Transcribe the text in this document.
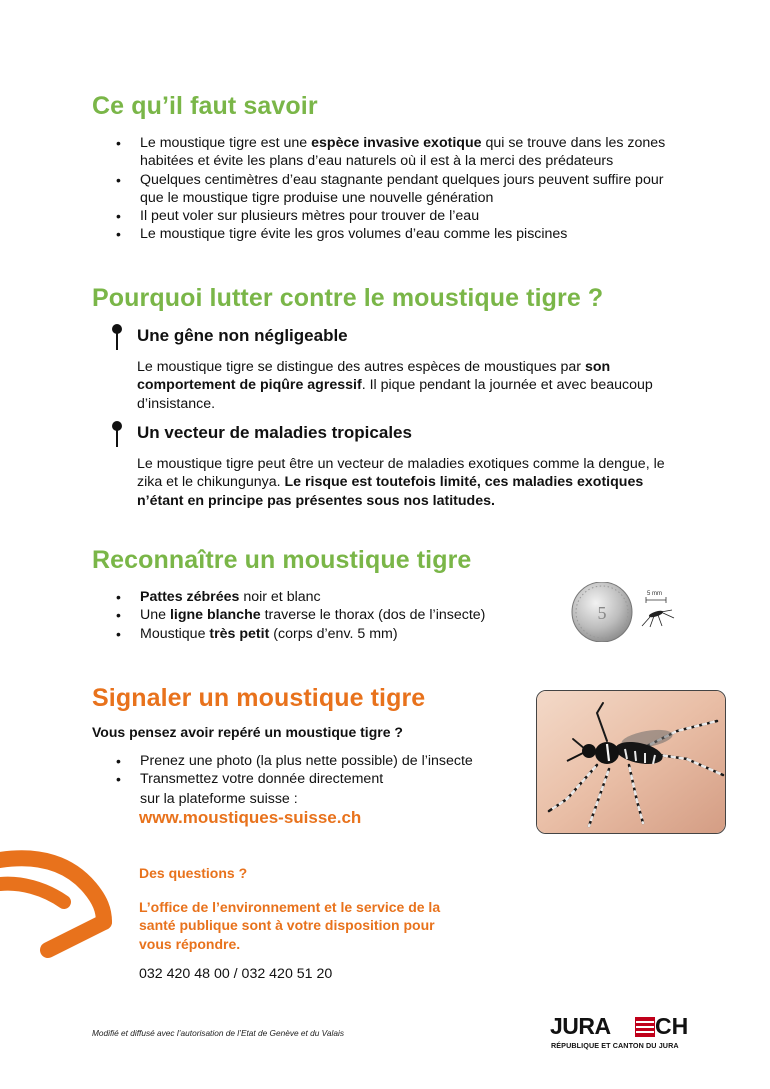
Ce qu’il faut savoir
• Le moustique tigre est une espèce invasive exotique qui se trouve dans les zones habitées et évite les plans d’eau naturels où il est à la merci des prédateurs
• Quelques centimètres d’eau stagnante pendant quelques jours peuvent suffire pour que le moustique tigre produise une nouvelle génération
• Il peut voler sur plusieurs mètres pour trouver de l’eau
• Le moustique tigre évite les gros volumes d’eau comme les piscines
Pourquoi lutter contre le moustique tigre ?
Une gêne non négligeable
Le moustique tigre se distingue des autres espèces de moustiques par son comportement de piqûre agressif. Il pique pendant la journée et avec beaucoup d’insistance.
Un vecteur de maladies tropicales
Le moustique tigre peut être un vecteur de maladies exotiques comme la dengue, le zika et le chikungunya. Le risque est toutefois limité, ces maladies exotiques n’étant en principe pas présentes sous nos latitudes.
Reconnaître un moustique tigre
• Pattes zébrées noir et blanc
• Une ligne blanche traverse le thorax (dos de l’insecte)
• Moustique très petit (corps d’env. 5 mm)
5
5 mm
Signaler un moustique tigre
Vous pensez avoir repéré un moustique tigre ?
• Prenez une photo (la plus nette possible) de l’insecte
• Transmettez votre donnée directement
sur la plateforme suisse :
www.moustiques-suisse.ch
Des questions ?
L’office de l’environnement et le service de la santé publique sont à votre disposition pour vous répondre.
032 420 48 00 / 032 420 51 20
Modifié et diffusé avec l’autorisation de l’Etat de Genève et du Valais	JURA CH
RÉPUBLIQUE ET CANTON DU JURA
